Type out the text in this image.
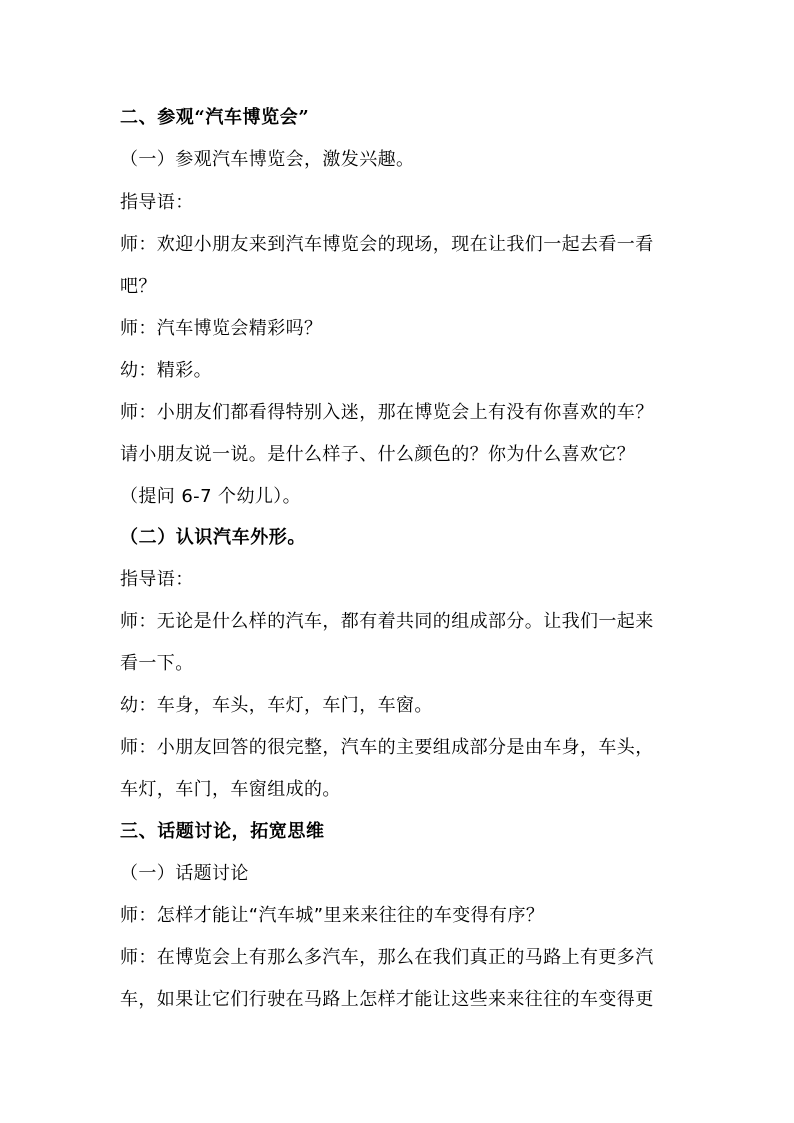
二、参观“汽车博览会”
（一）参观汽车博览会，激发兴趣。
指导语：
师：欢迎小朋友来到汽车博览会的现场，现在让我们一起去看一看
吧？
师：汽车博览会精彩吗？
幼：精彩。
师：小朋友们都看得特别入迷，那在博览会上有没有你喜欢的车？
请小朋友说一说。是什么样子、什么颜色的？你为什么喜欢它？
（提问 6-7 个幼儿）。
（二）认识汽车外形。
指导语：
师：无论是什么样的汽车，都有着共同的组成部分。让我们一起来
看一下。
幼：车身，车头，车灯，车门，车窗。
师：小朋友回答的很完整，汽车的主要组成部分是由车身，车头，
车灯，车门，车窗组成的。
三、话题讨论，拓宽思维
（一）话题讨论
师：怎样才能让“汽车城”里来来往往的车变得有序？
师：在博览会上有那么多汽车，那么在我们真正的马路上有更多汽
车，如果让它们行驶在马路上怎样才能让这些来来往往的车变得更
